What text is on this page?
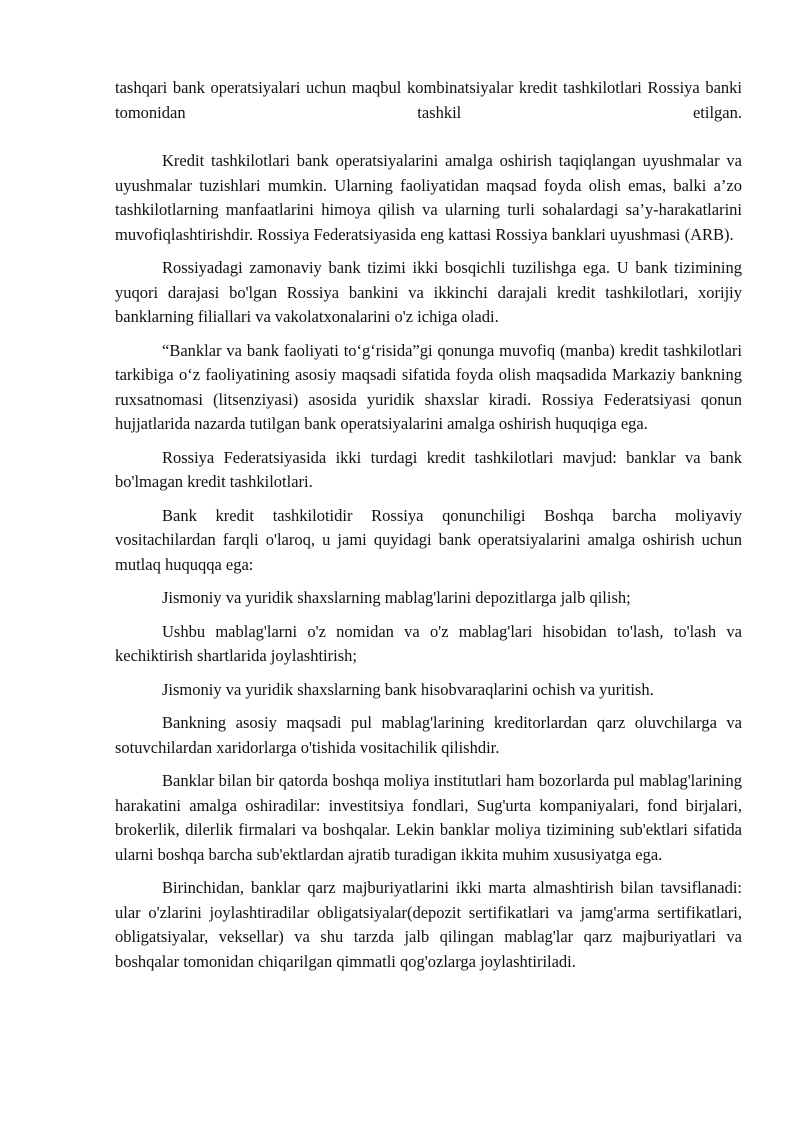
tashqari bank operatsiyalari uchun maqbul kombinatsiyalar kredit tashkilotlari Rossiya banki tomonidan tashkil etilgan.

Kredit tashkilotlari bank operatsiyalarini amalga oshirish taqiqlangan uyushmalar va uyushmalar tuzishlari mumkin. Ularning faoliyatidan maqsad foyda olish emas, balki a’zo tashkilotlarning manfaatlarini himoya qilish va ularning turli sohalardagi sa’y-harakatlarini muvofiqlashtirishdir. Rossiya Federatsiyasida eng kattasi Rossiya banklari uyushmasi (ARB).

Rossiyadagi zamonaviy bank tizimi ikki bosqichli tuzilishga ega. U bank tizimining yuqori darajasi bo'lgan Rossiya bankini va ikkinchi darajali kredit tashkilotlari, xorijiy banklarning filiallari va vakolatxonalarini o'z ichiga oladi.

“Banklar va bank faoliyati to‘g‘risida”gi qonunga muvofiq (manba) kredit tashkilotlari tarkibiga o‘z faoliyatining asosiy maqsadi sifatida foyda olish maqsadida Markaziy bankning ruxsatnomasi (litsenziyasi) asosida yuridik shaxslar kiradi. Rossiya Federatsiyasi qonun hujjatlarida nazarda tutilgan bank operatsiyalarini amalga oshirish huquqiga ega.

Rossiya Federatsiyasida ikki turdagi kredit tashkilotlari mavjud: banklar va bank bo'lmagan kredit tashkilotlari.

Bank kredit tashkilotidir Rossiya qonunchiligi Boshqa barcha moliyaviy vositachilardan farqli o'laroq, u jami quyidagi bank operatsiyalarini amalga oshirish uchun mutlaq huquqqa ega:

Jismoniy va yuridik shaxslarning mablag'larini depozitlarga jalb qilish;

Ushbu mablag'larni o'z nomidan va o'z mablag'lari hisobidan to'lash, to'lash va kechiktirish shartlarida joylashtirish;

Jismoniy va yuridik shaxslarning bank hisobvaraqlarini ochish va yuritish.

Bankning asosiy maqsadi pul mablag'larining kreditorlardan qarz oluvchilarga va sotuvchilardan xaridorlarga o'tishida vositachilik qilishdir.

Banklar bilan bir qatorda boshqa moliya institutlari ham bozorlarda pul mablag'larining harakatini amalga oshiradilar: investitsiya fondlari, Sug'urta kompaniyalari, fond birjalari, brokerlik, dilerlik firmalari va boshqalar. Lekin banklar moliya tizimining sub'ektlari sifatida ularni boshqa barcha sub'ektlardan ajratib turadigan ikkita muhim xususiyatga ega.

Birinchidan, banklar qarz majburiyatlarini ikki marta almashtirish bilan tavsiflanadi: ular o'zlarini joylashtiradilar obligatsiyalar(depozit sertifikatlari va jamg'arma sertifikatlari, obligatsiyalar, veksellar) va shu tarzda jalb qilingan mablag'lar qarz majburiyatlari va boshqalar tomonidan chiqarilgan qimmatli qog'ozlarga joylashtiriladi.
